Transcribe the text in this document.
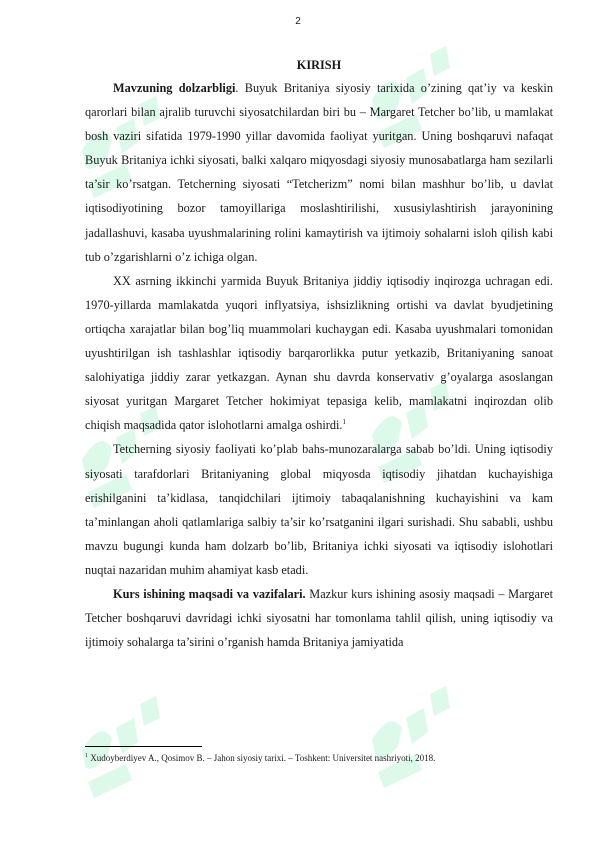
2
KIRISH

Mavzuning dolzarbligi. Buyuk Britaniya siyosiy tarixida o’zining qat’iy va keskin qarorlari bilan ajralib turuvchi siyosatchilardan biri bu – Margaret Tetcher bo’lib, u mamlakat bosh vaziri sifatida 1979-1990 yillar davomida faoliyat yuritgan. Uning boshqaruvi nafaqat Buyuk Britaniya ichki siyosati, balki xalqaro miqyosdagi siyosiy munosabatlarga ham sezilarli ta’sir ko’rsatgan. Tetcherning siyosati “Tetcherizm” nomi bilan mashhur bo’lib, u davlat iqtisodiyotining bozor tamoyillariga moslashtirilishi, xususiylashtirish jarayonining jadallashuvi, kasaba uyushmalarining rolini kamaytirish va ijtimoiy sohalarni isloh qilish kabi tub o’zgarishlarni o’z ichiga olgan.

XX asrning ikkinchi yarmida Buyuk Britaniya jiddiy iqtisodiy inqirozga uchragan edi. 1970-yillarda mamlakatda yuqori inflyatsiya, ishsizlikning ortishi va davlat byudjetining ortiqcha xarajatlar bilan bog’liq muammolari kuchaygan edi. Kasaba uyushmalari tomonidan uyushtirilgan ish tashlashlar iqtisodiy barqarorlikka putur yetkazib, Britaniyaning sanoat salohiyatiga jiddiy zarar yetkazgan. Aynan shu davrda konservativ g’oyalarga asoslangan siyosat yuritgan Margaret Tetcher hokimiyat tepasiga kelib, mamlakatni inqirozdan olib chiqish maqsadida qator islohotlarni amalga oshirdi.$^1$

Tetcherning siyosiy faoliyati ko’plab bahs-munozaralarga sabab bo’ldi. Uning iqtisodiy siyosati tarafdorlari Britaniyaning global miqyosda iqtisodiy jihatdan kuchayishiga erishilganini ta’kidlasa, tanqidchilari ijtimoiy tabaqalanishning kuchayishini va kam ta’minlangan aholi qatlamlariga salbiy ta’sir ko’rsatganini ilgari surishadi. Shu sababli, ushbu mavzu bugungi kunda ham dolzarb bo’lib, Britaniya ichki siyosati va iqtisodiy islohotlari nuqtai nazaridan muhim ahamiyat kasb etadi.

Kurs ishining maqsadi va vazifalari. Mazkur kurs ishining asosiy maqsadi – Margaret Tetcher boshqaruvi davridagi ichki siyosatni har tomonlama tahlil qilish, uning iqtisodiy va ijtimoiy sohalarga ta’sirini o’rganish hamda Britaniya jamiyatida

$^1$ Xudoyberdiyev A., Qosimov B. – Jahon siyosiy tarixi. – Toshkent: Universitet nashriyoti, 2018.
